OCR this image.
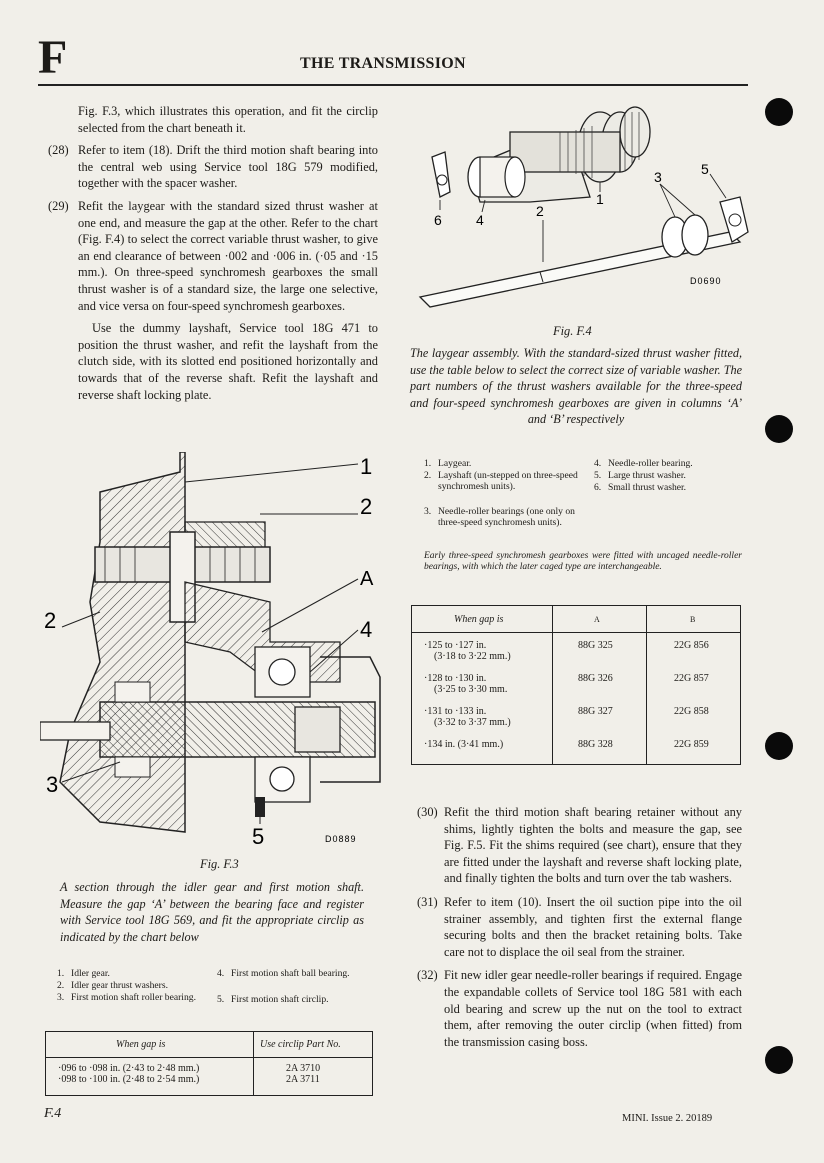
F	THE TRANSMISSION

Fig. F.3, which illustrates this operation, and fit the circlip selected from the chart beneath it.

(28) Refer to item (18). Drift the third motion shaft bearing into the central web using Service tool 18G 579 modified, together with the spacer washer.

(29) Refit the laygear with the standard sized thrust washer at one end, and measure the gap at the other. Refer to the chart (Fig. F.4) to select the correct variable thrust washer, to give an end clearance of between ·002 and ·006 in. (·05 and ·15 mm.). On three-speed synchromesh gearboxes the small thrust washer is of a standard size, the large one selective, and vice versa on four-speed synchromesh gearboxes.

Use the dummy layshaft, Service tool 18G 471 to position the thrust washer, and refit the layshaft from the clutch side, with its slotted end positioned horizontally and towards that of the reverse shaft. Refit the layshaft and reverse shaft locking plate.

1
2
A
4
2
3
5	D0889
Fig. F.3
A section through the idler gear and first motion shaft. Measure the gap ‘A’ between the bearing face and register with Service tool 18G 569, and fit the appropriate circlip as indicated by the chart below
1. Idler gear.
2. Idler gear thrust washers.
3. First motion shaft roller bearing.
4. First motion shaft ball bearing.
5. First motion shaft circlip.
When gap is	Use circlip Part No.
·096 to ·098 in. (2·43 to 2·48 mm.)	2A 3710
·098 to ·100 in. (2·48 to 2·54 mm.)	2A 3711
6 4
1
2
3	5
D0690
Fig. F.4
The laygear assembly. With the standard-sized thrust washer fitted, use the table below to select the correct size of variable washer. The part numbers of the thrust washers available for the three-speed and four-speed synchromesh gearboxes are given in columns ‘A’ and ‘B’ respectively
1. Laygear.
2. Layshaft (un-stepped on three-speed synchromesh units).
3. Needle-roller bearings (one only on three-speed synchromesh units).
4. Needle-roller bearing.
5. Large thrust washer.
6. Small thrust washer.
Early three-speed synchromesh gearboxes were fitted with uncaged needle-roller bearings, with which the later caged type are interchangeable.
When gap is	A	B
·125 to ·127 in.
(3·18 to 3·22 mm.)
88G 325	22G 856
·128 to ·130 in.
(3·25 to 3·30 mm.
88G 326	22G 857
·131 to ·133 in.
(3·32 to 3·37 mm.)
88G 327	22G 858
·134 in. (3·41 mm.)	88G 328	22G 859

(30) Refit the third motion shaft bearing retainer without any shims, lightly tighten the bolts and measure the gap, see Fig. F.5. Fit the shims required (see chart), ensure that they are fitted under the layshaft and reverse shaft locking plate, and finally tighten the bolts and turn over the tab washers.

(31) Refer to item (10). Insert the oil suction pipe into the oil strainer assembly, and tighten first the external flange securing bolts and then the bracket retaining bolts. Take care not to displace the oil seal from the strainer.

(32) Fit new idler gear needle-roller bearings if required. Engage the expandable collets of Service tool 18G 581 with each old bearing and screw up the nut on the tool to extract them, after removing the outer circlip (when fitted) from the transmission casing boss.

F.4	MINI. Issue 2. 20189
